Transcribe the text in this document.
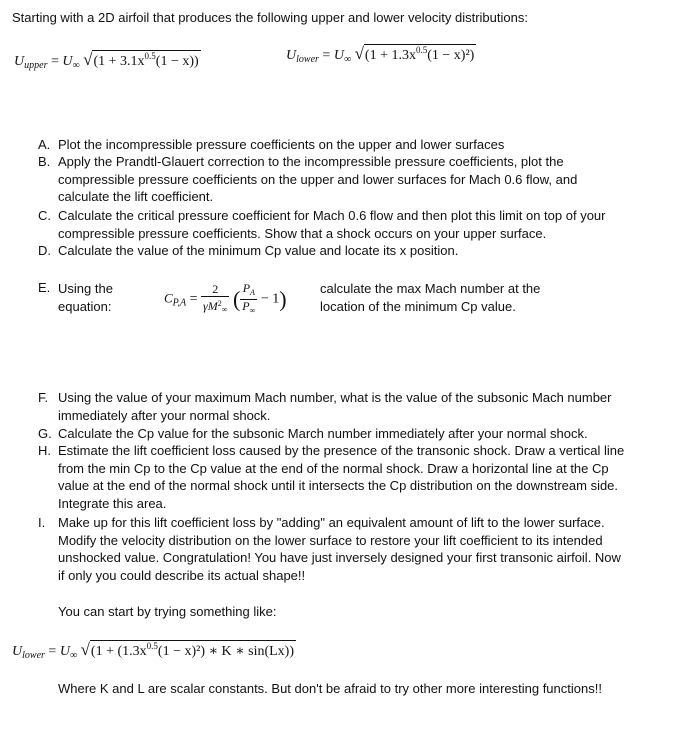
Starting with a 2D airfoil that produces the following upper and lower velocity distributions:
$U_{upper} = U_\infty$ $√(1 + 3.1x^{0.5}(1 - x))$	$U_{lower} = U_\infty$ $√(1 + 1.3x^{0.5}(1 - x)^2)$
A. Plot the incompressible pressure coefficients on the upper and lower surfaces
B. Apply the Prandtl-Glauert correction to the incompressible pressure coefficients, plot the compressible pressure coefficients on the upper and lower surfaces for Mach 0.6 flow, and calculate the lift coefficient.
C. Calculate the critical pressure coefficient for Mach 0.6 flow and then plot this limit on top of your compressible pressure coefficients. Show that a shock occurs on your upper surface.
D. Calculate the value of the minimum Cp value and locate its x position.
E. Using the equation:
$C_{P,A} = \frac{2}{\gamma M^2_\infty}$ ( $\frac{P_A}{P_\infty} - 1$)	calculate the max Mach number at the location of the minimum Cp value.
F. Using the value of your maximum Mach number, what is the value of the subsonic Mach number immediately after your normal shock.
G. Calculate the Cp value for the subsonic March number immediately after your normal shock.
H. Estimate the lift coefficient loss caused by the presence of the transonic shock. Draw a vertical line from the min Cp to the Cp value at the end of the normal shock. Draw a horizontal line at the Cp value at the end of the normal shock until it intersects the Cp distribution on the downstream side. Integrate this area.
I. Make up for this lift coefficient loss by "adding" an equivalent amount of lift to the lower surface. Modify the velocity distribution on the lower surface to restore your lift coefficient to its intended unshocked value. Congratulation! You have just inversely designed your first transonic airfoil. Now if only you could describe its actual shape!!
You can start by trying something like:
$U_{lower} = U_\infty$ $√(1 + (1.3x^{0.5}(1 - x)^2)$ ∗ K ∗ sin(Lx))
Where K and L are scalar constants. But don't be afraid to try other more interesting functions!!
